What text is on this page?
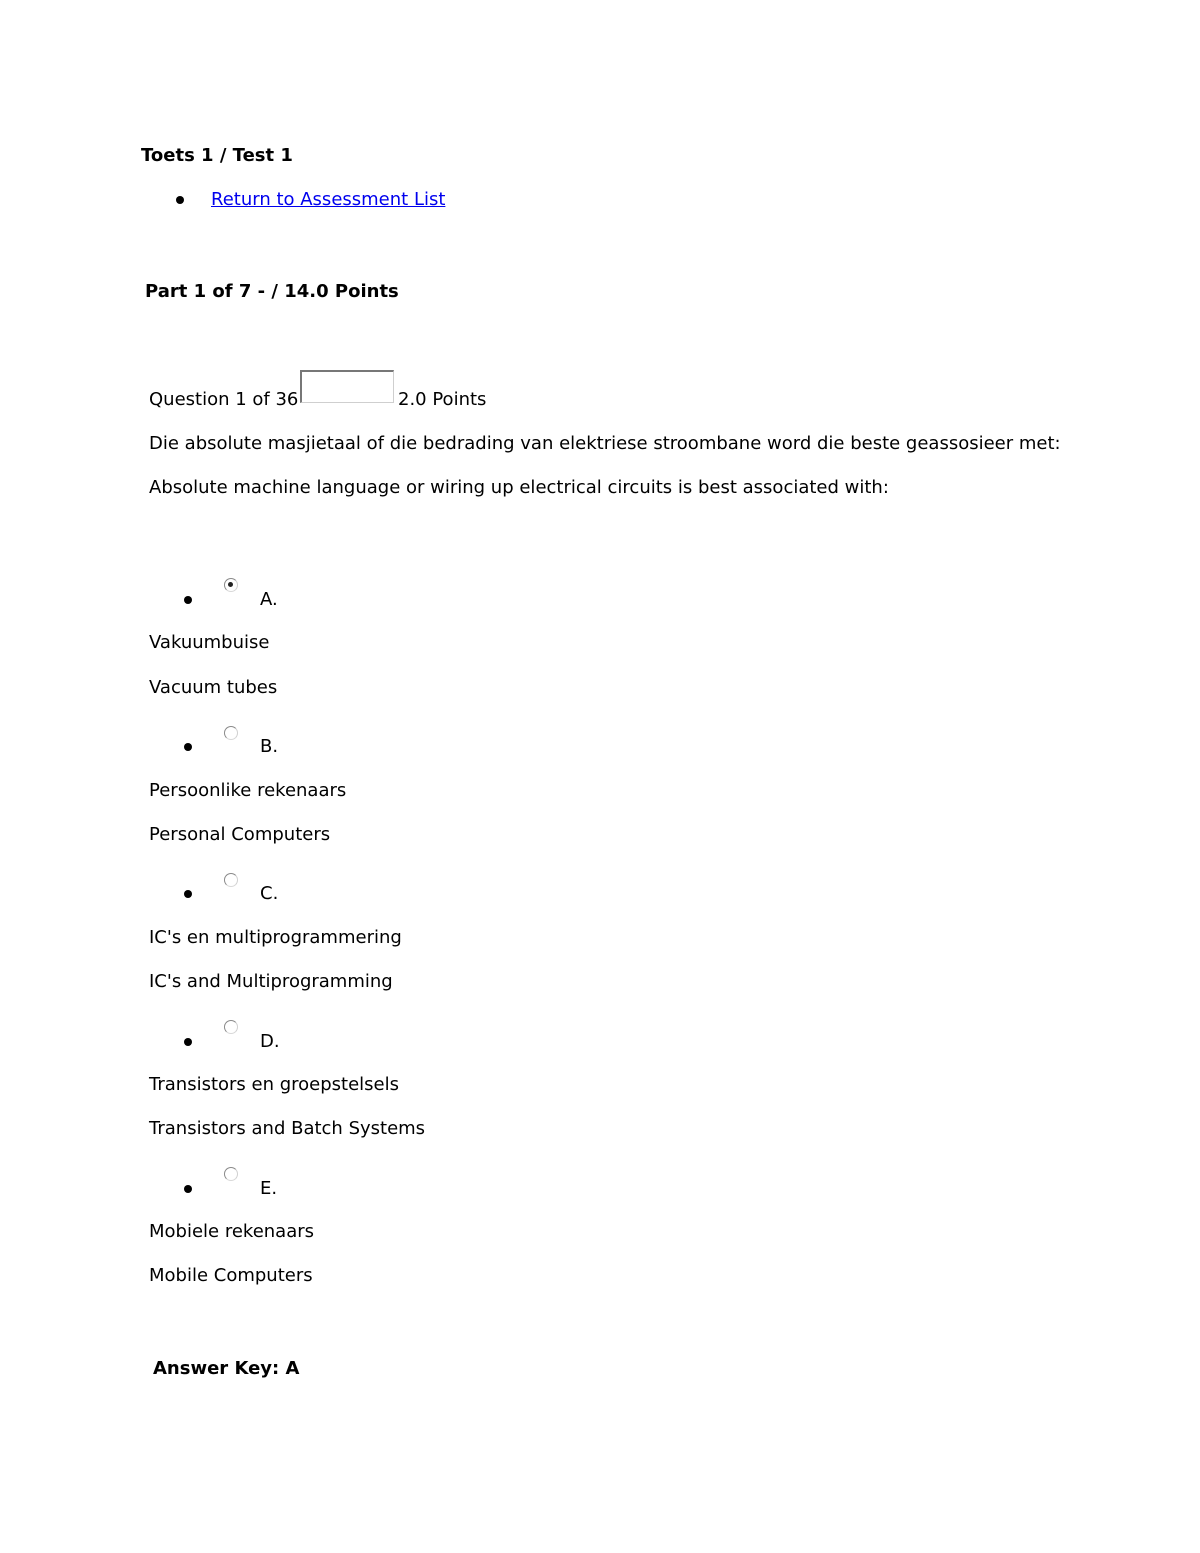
Toets 1 / Test 1
Return to Assessment List
Part 1 of 7 - / 14.0 Points
Question 1 of 36	2.0 Points
Die absolute masjietaal of die bedrading van elektriese stroombane word die beste geassosieer met:
Absolute machine language or wiring up electrical circuits is best associated with:
A.
Vakuumbuise
Vacuum tubes
B.
Persoonlike rekenaars
Personal Computers
C.
IC's en multiprogrammering
IC's and Multiprogramming
D.
Transistors en groepstelsels
Transistors and Batch Systems
E.
Mobiele rekenaars
Mobile Computers
Answer Key: A
